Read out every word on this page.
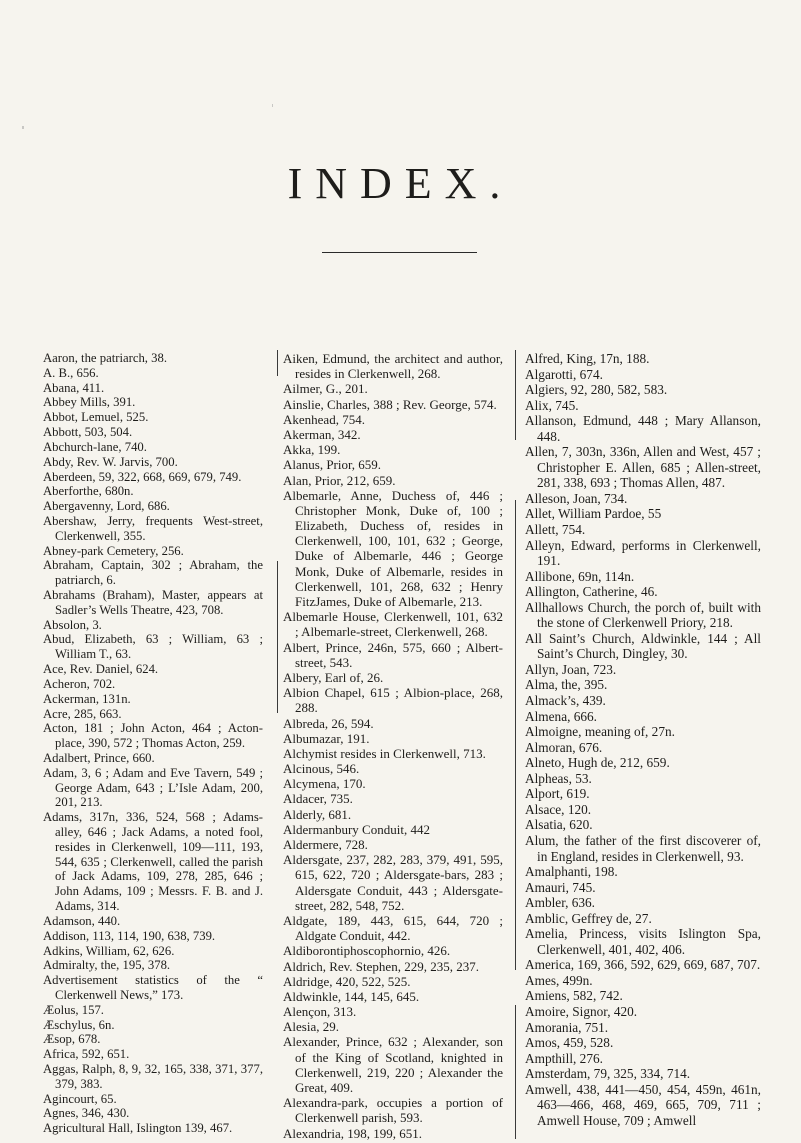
INDEX.

Aaron, the patriarch, 38.

A. B., 656.

Abana, 411.

Abbey Mills, 391.

Abbot, Lemuel, 525.

Abbott, 503, 504.

Abchurch-lane, 740.

Abdy, Rev. W. Jarvis, 700.

Aberdeen, 59, 322, 668, 669, 679, 749.

Aberforthe, 680n.

Abergavenny, Lord, 686.

Abershaw, Jerry, frequents West-street, Clerkenwell, 355.

Abney-park Cemetery, 256.

Abraham, Captain, 302 ; Abraham, the patriarch, 6.

Abrahams (Braham), Master, appears at Sadler’s Wells Theatre, 423, 708.

Absolon, 3.

Abud, Elizabeth, 63 ; William, 63 ; William T., 63.

Ace, Rev. Daniel, 624.

Acheron, 702.

Ackerman, 131n.

Acre, 285, 663.

Acton, 181 ; John Acton, 464 ; Acton-place, 390, 572 ; Thomas Acton, 259.

Adalbert, Prince, 660.

Adam, 3, 6 ; Adam and Eve Tavern, 549 ; George Adam, 643 ; L’Isle Adam, 200, 201, 213.

Adams, 317n, 336, 524, 568 ; Adams-alley, 646 ; Jack Adams, a noted fool, resides in Clerkenwell, 109—111, 193, 544, 635 ; Clerkenwell, called the parish of Jack Adams, 109, 278, 285, 646 ; John Adams, 109 ; Messrs. F. B. and J. Adams, 314.

Adamson, 440.

Addison, 113, 114, 190, 638, 739.

Adkins, William, 62, 626.

Admiralty, the, 195, 378.

Advertisement statistics of the “ Clerkenwell News,” 173.

Æolus, 157.

Æschylus, 6n.

Æsop, 678.

Africa, 592, 651.

Aggas, Ralph, 8, 9, 32, 165, 338, 371, 377, 379, 383.

Agincourt, 65.

Agnes, 346, 430.

Agricultural Hall, Islington 139, 467.

Aiken, Edmund, the architect and author, resides in Clerkenwell, 268.

Ailmer, G., 201.

Ainslie, Charles, 388 ; Rev. George, 574.

Akenhead, 754.

Akerman, 342.

Akka, 199.

Alanus, Prior, 659.

Alan, Prior, 212, 659.

Albemarle, Anne, Duchess of, 446 ; Christopher Monk, Duke of, 100 ; Elizabeth, Duchess of, resides in Clerkenwell, 100, 101, 632 ; George, Duke of Albemarle, 446 ; George Monk, Duke of Albemarle, resides in Clerkenwell, 101, 268, 632 ; Henry FitzJames, Duke of Albemarle, 213.

Albemarle House, Clerkenwell, 101, 632 ; Albemarle-street, Clerkenwell, 268.

Albert, Prince, 246n, 575, 660 ; Albert-street, 543.

Albery, Earl of, 26.

Albion Chapel, 615 ; Albion-place, 268, 288.

Albreda, 26, 594.

Albumazar, 191.

Alchymist resides in Clerkenwell, 713.

Alcinous, 546.

Alcymena, 170.

Aldacer, 735.

Alderly, 681.

Aldermanbury Conduit, 442

Aldermere, 728.

Aldersgate, 237, 282, 283, 379, 491, 595, 615, 622, 720 ; Aldersgate-bars, 283 ; Aldersgate Conduit, 443 ; Aldersgate-street, 282, 548, 752.

Aldgate, 189, 443, 615, 644, 720 ; Aldgate Conduit, 442.

Aldiborontiphoscophornio, 426.

Aldrich, Rev. Stephen, 229, 235, 237.

Aldridge, 420, 522, 525.

Aldwinkle, 144, 145, 645.

Alençon, 313.

Alesia, 29.

Alexander, Prince, 632 ; Alexander, son of the King of Scotland, knighted in Clerkenwell, 219, 220 ; Alexander the Great, 409.

Alexandra-park, occupies a portion of Clerkenwell parish, 593.

Alexandria, 198, 199, 651.

Alfred, King, 17n, 188.

Algarotti, 674.

Algiers, 92, 280, 582, 583.

Alix, 745.

Allanson, Edmund, 448 ; Mary Allanson, 448.

Allen, 7, 303n, 336n, Allen and West, 457 ; Christopher E. Allen, 685 ; Allen-street, 281, 338, 693 ; Thomas Allen, 487.

Alleson, Joan, 734.

Allet, William Pardoe, 55

Allett, 754.

Alleyn, Edward, performs in Clerkenwell, 191.

Allibone, 69n, 114n.

Allington, Catherine, 46.

Allhallows Church, the porch of, built with the stone of Clerkenwell Priory, 218.

All Saint’s Church, Aldwinkle, 144 ; All Saint’s Church, Dingley, 30.

Allyn, Joan, 723.

Alma, the, 395.

Almack’s, 439.

Almena, 666.

Almoigne, meaning of, 27n.

Almoran, 676.

Alneto, Hugh de, 212, 659.

Alpheas, 53.

Alport, 619.

Alsace, 120.

Alsatia, 620.

Alum, the father of the first discoverer of, in England, resides in Clerkenwell, 93.

Amalphanti, 198.

Amauri, 745.

Ambler, 636.

Amblic, Geffrey de, 27.

Amelia, Princess, visits Islington Spa, Clerkenwell, 401, 402, 406.

America, 169, 366, 592, 629, 669, 687, 707.

Ames, 499n.

Amiens, 582, 742.

Amoire, Signor, 420.

Amorania, 751.

Amos, 459, 528.

Ampthill, 276.

Amsterdam, 79, 325, 334, 714.

Amwell, 438, 441—450, 454, 459n, 461n, 463—466, 468, 469, 665, 709, 711 ; Amwell House, 709 ; Amwell
